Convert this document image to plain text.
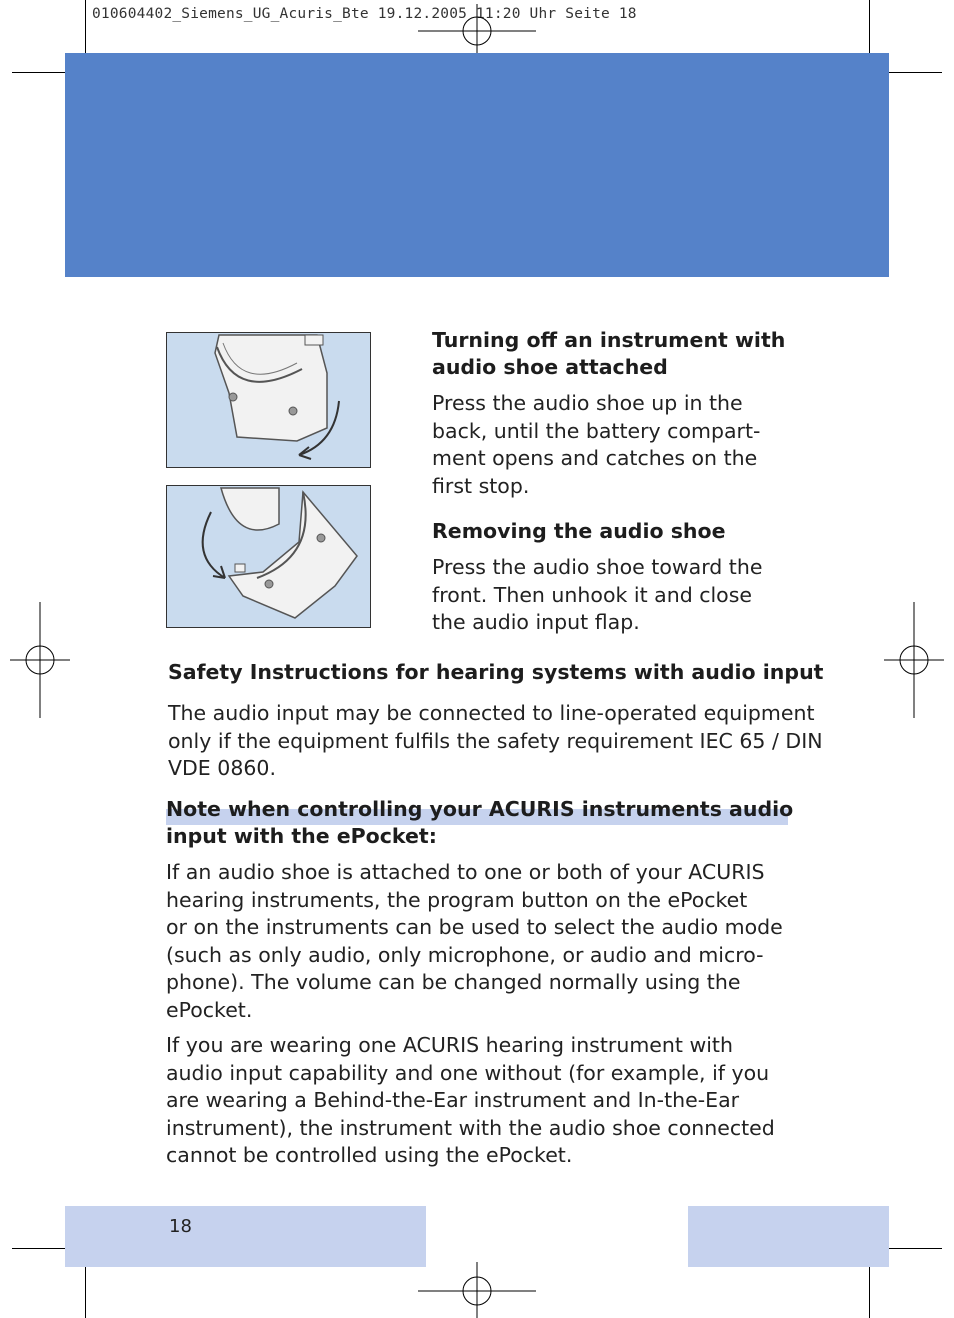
010604402_Siemens_UG_Acuris_Bte 19.12.2005 11:20 Uhr Seite 18
Turning off an instrument with
audio shoe attached
Press the audio shoe up in the
back, until the battery compart-
ment opens and catches on the
first stop.
Removing the audio shoe
Press the audio shoe toward the
front. Then unhook it and close
the audio input flap.
Safety Instructions for hearing systems with audio input
The audio input may be connected to line-operated equipment
only if the equipment fulfils the safety requirement IEC 65 / DIN
VDE 0860.
Note when controlling your ACURIS instruments audio
input with the ePocket:
If an audio shoe is attached to one or both of your ACURIS
hearing instruments, the program button on the ePocket
or on the instruments can be used to select the audio mode
(such as only audio, only microphone, or audio and micro-
phone). The volume can be changed normally using the
ePocket.
If you are wearing one ACURIS hearing instrument with
audio input capability and one without (for example, if you
are wearing a Behind-the-Ear instrument and In-the-Ear
instrument), the instrument with the audio shoe connected
cannot be controlled using the ePocket.
18
